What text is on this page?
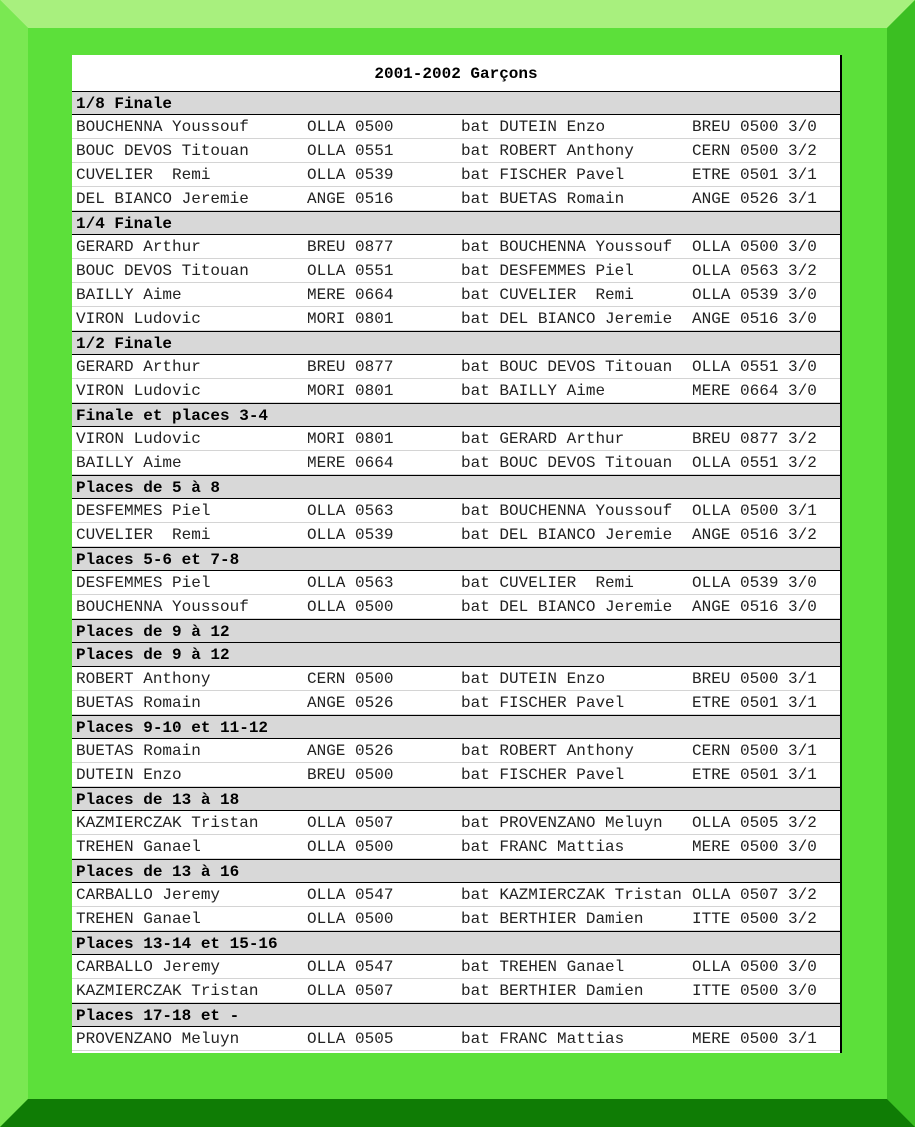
2001-2002 Garçons
1/8 Finale
BOUCHENNA Youssouf	OLLA 0500	bat DUTEIN Enzo	BREU 0500 3/0
BOUC DEVOS Titouan	OLLA 0551	bat ROBERT Anthony	CERN 0500 3/2
CUVELIER  Remi	OLLA 0539	bat FISCHER Pavel	ETRE 0501 3/1
DEL BIANCO Jeremie	ANGE 0516	bat BUETAS Romain	ANGE 0526 3/1
1/4 Finale
GERARD Arthur	BREU 0877	bat BOUCHENNA Youssouf OLLA 0500 3/0
BOUC DEVOS Titouan	OLLA 0551	bat DESFEMMES Piel	OLLA 0563 3/2
BAILLY Aime	MERE 0664	bat CUVELIER  Remi	OLLA 0539 3/0
VIRON Ludovic	MORI 0801	bat DEL BIANCO Jeremie ANGE 0516 3/0
1/2 Finale
GERARD Arthur	BREU 0877	bat BOUC DEVOS Titouan OLLA 0551 3/0
VIRON Ludovic	MORI 0801	bat BAILLY Aime	MERE 0664 3/0
Finale et places 3-4
VIRON Ludovic	MORI 0801	bat GERARD Arthur	BREU 0877 3/2
BAILLY Aime	MERE 0664	bat BOUC DEVOS Titouan OLLA 0551 3/2
Places de 5 à 8
DESFEMMES Piel	OLLA 0563	bat BOUCHENNA Youssouf OLLA 0500 3/1
CUVELIER  Remi	OLLA 0539	bat DEL BIANCO Jeremie ANGE 0516 3/2
Places 5-6 et 7-8
DESFEMMES Piel	OLLA 0563	bat CUVELIER  Remi	OLLA 0539 3/0
BOUCHENNA Youssouf	OLLA 0500	bat DEL BIANCO Jeremie ANGE 0516 3/0
Places de 9 à 12
Places de 9 à 12
ROBERT Anthony	CERN 0500	bat DUTEIN Enzo	BREU 0500 3/1
BUETAS Romain	ANGE 0526	bat FISCHER Pavel	ETRE 0501 3/1
Places 9-10 et 11-12
BUETAS Romain	ANGE 0526	bat ROBERT Anthony	CERN 0500 3/1
DUTEIN Enzo	BREU 0500	bat FISCHER Pavel	ETRE 0501 3/1
Places de 13 à 18
KAZMIERCZAK Tristan	OLLA 0507	bat PROVENZANO Meluyn OLLA 0505 3/2
TREHEN Ganael	OLLA 0500	bat FRANC Mattias	MERE 0500 3/0
Places de 13 à 16
CARBALLO Jeremy	OLLA 0547	bat KAZMIERCZAK Tristan OLLA 0507 3/2
TREHEN Ganael	OLLA 0500	bat BERTHIER Damien	ITTE 0500 3/2
Places 13-14 et 15-16
CARBALLO Jeremy	OLLA 0547	bat TREHEN Ganael	OLLA 0500 3/0
KAZMIERCZAK Tristan	OLLA 0507	bat BERTHIER Damien	ITTE 0500 3/0
Places 17-18 et -
PROVENZANO Meluyn	OLLA 0505	bat FRANC Mattias	MERE 0500 3/1
